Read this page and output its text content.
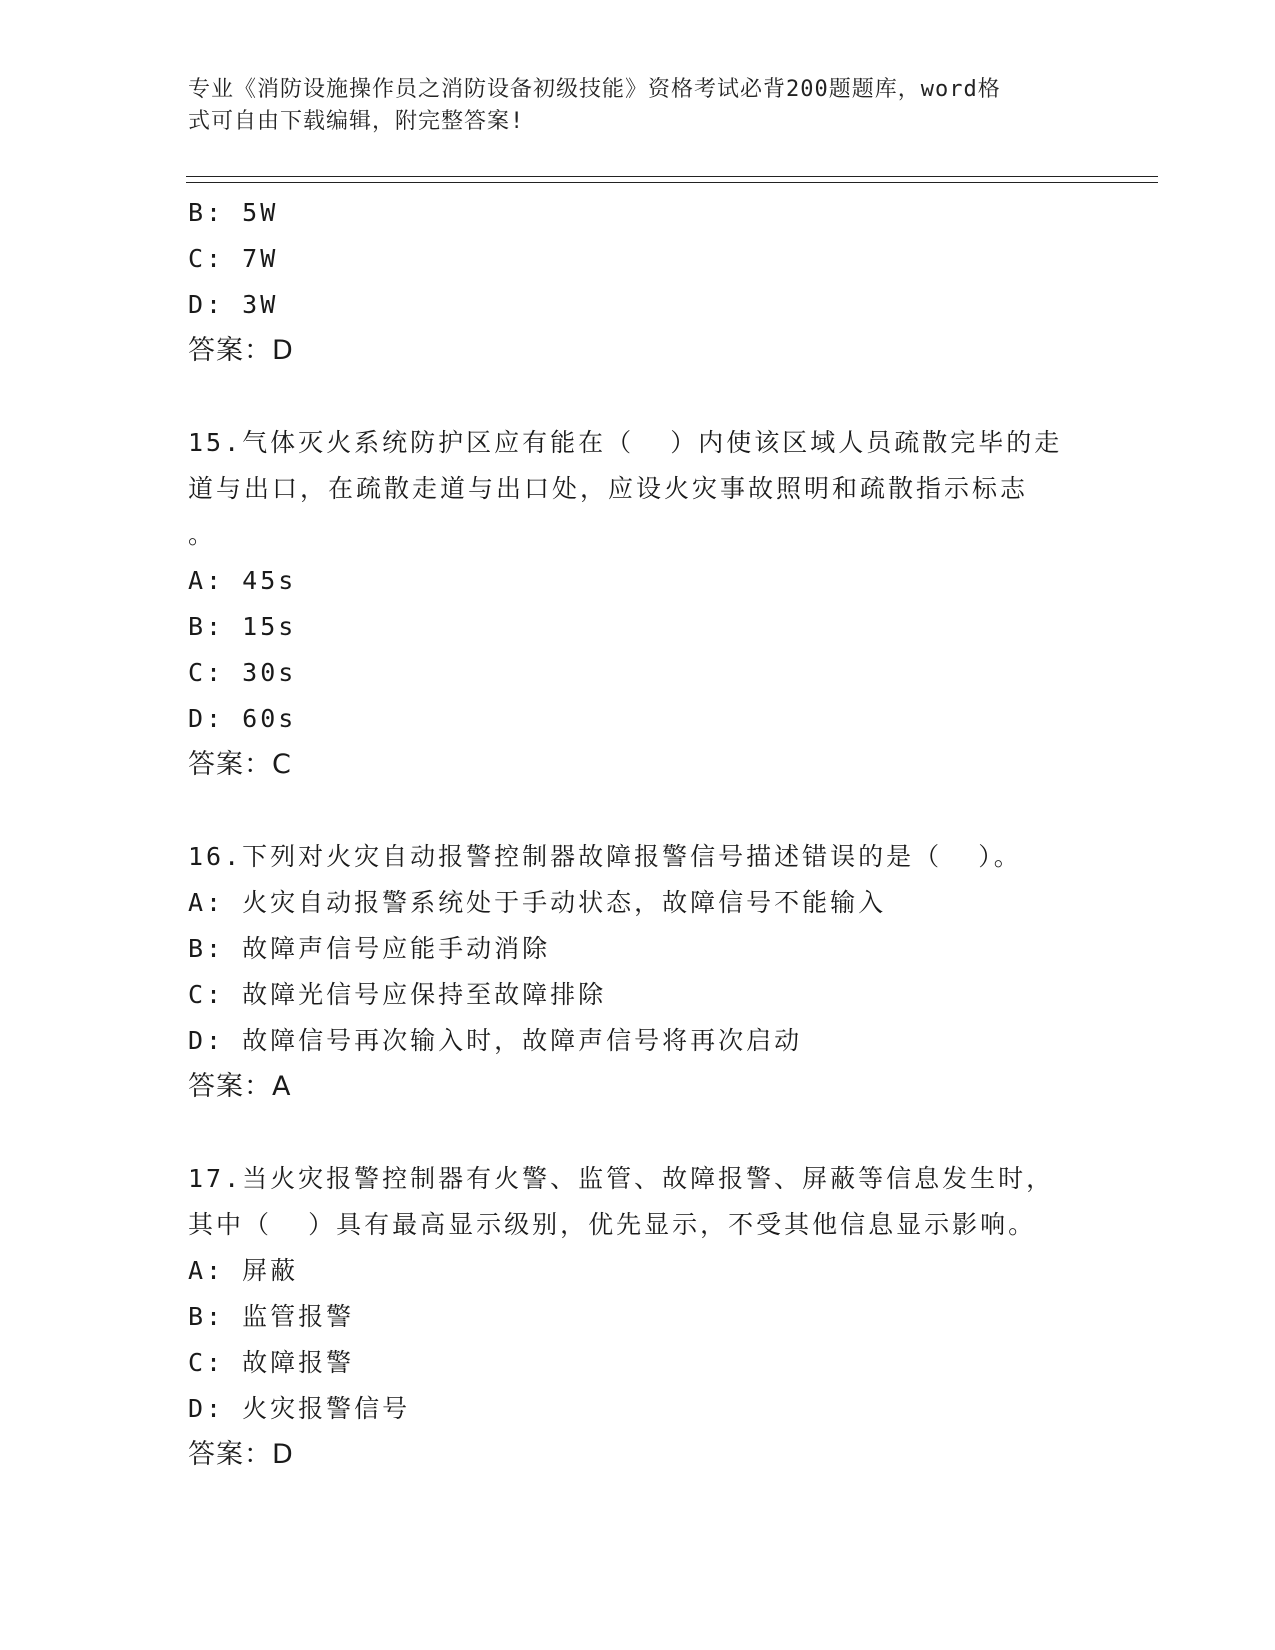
专业《消防设施操作员之消防设备初级技能》资格考试必背200题题库，word格
式可自由下载编辑，附完整答案!
B: 5W
C: 7W
D: 3W
答案：D
15.气体灭火系统防护区应有能在（  ）内使该区域人员疏散完毕的走
道与出口，在疏散走道与出口处，应设火灾事故照明和疏散指示标志
。
A: 45s
B: 15s
C: 30s
D: 60s
答案：C
16.下列对火灾自动报警控制器故障报警信号描述错误的是（  ）。
A: 火灾自动报警系统处于手动状态，故障信号不能输入
B: 故障声信号应能手动消除
C: 故障光信号应保持至故障排除
D: 故障信号再次输入时，故障声信号将再次启动
答案：A
17.当火灾报警控制器有火警、监管、故障报警、屏蔽等信息发生时，
其中（  ）具有最高显示级别，优先显示，不受其他信息显示影响。
A: 屏蔽
B: 监管报警
C: 故障报警
D: 火灾报警信号
答案：D
